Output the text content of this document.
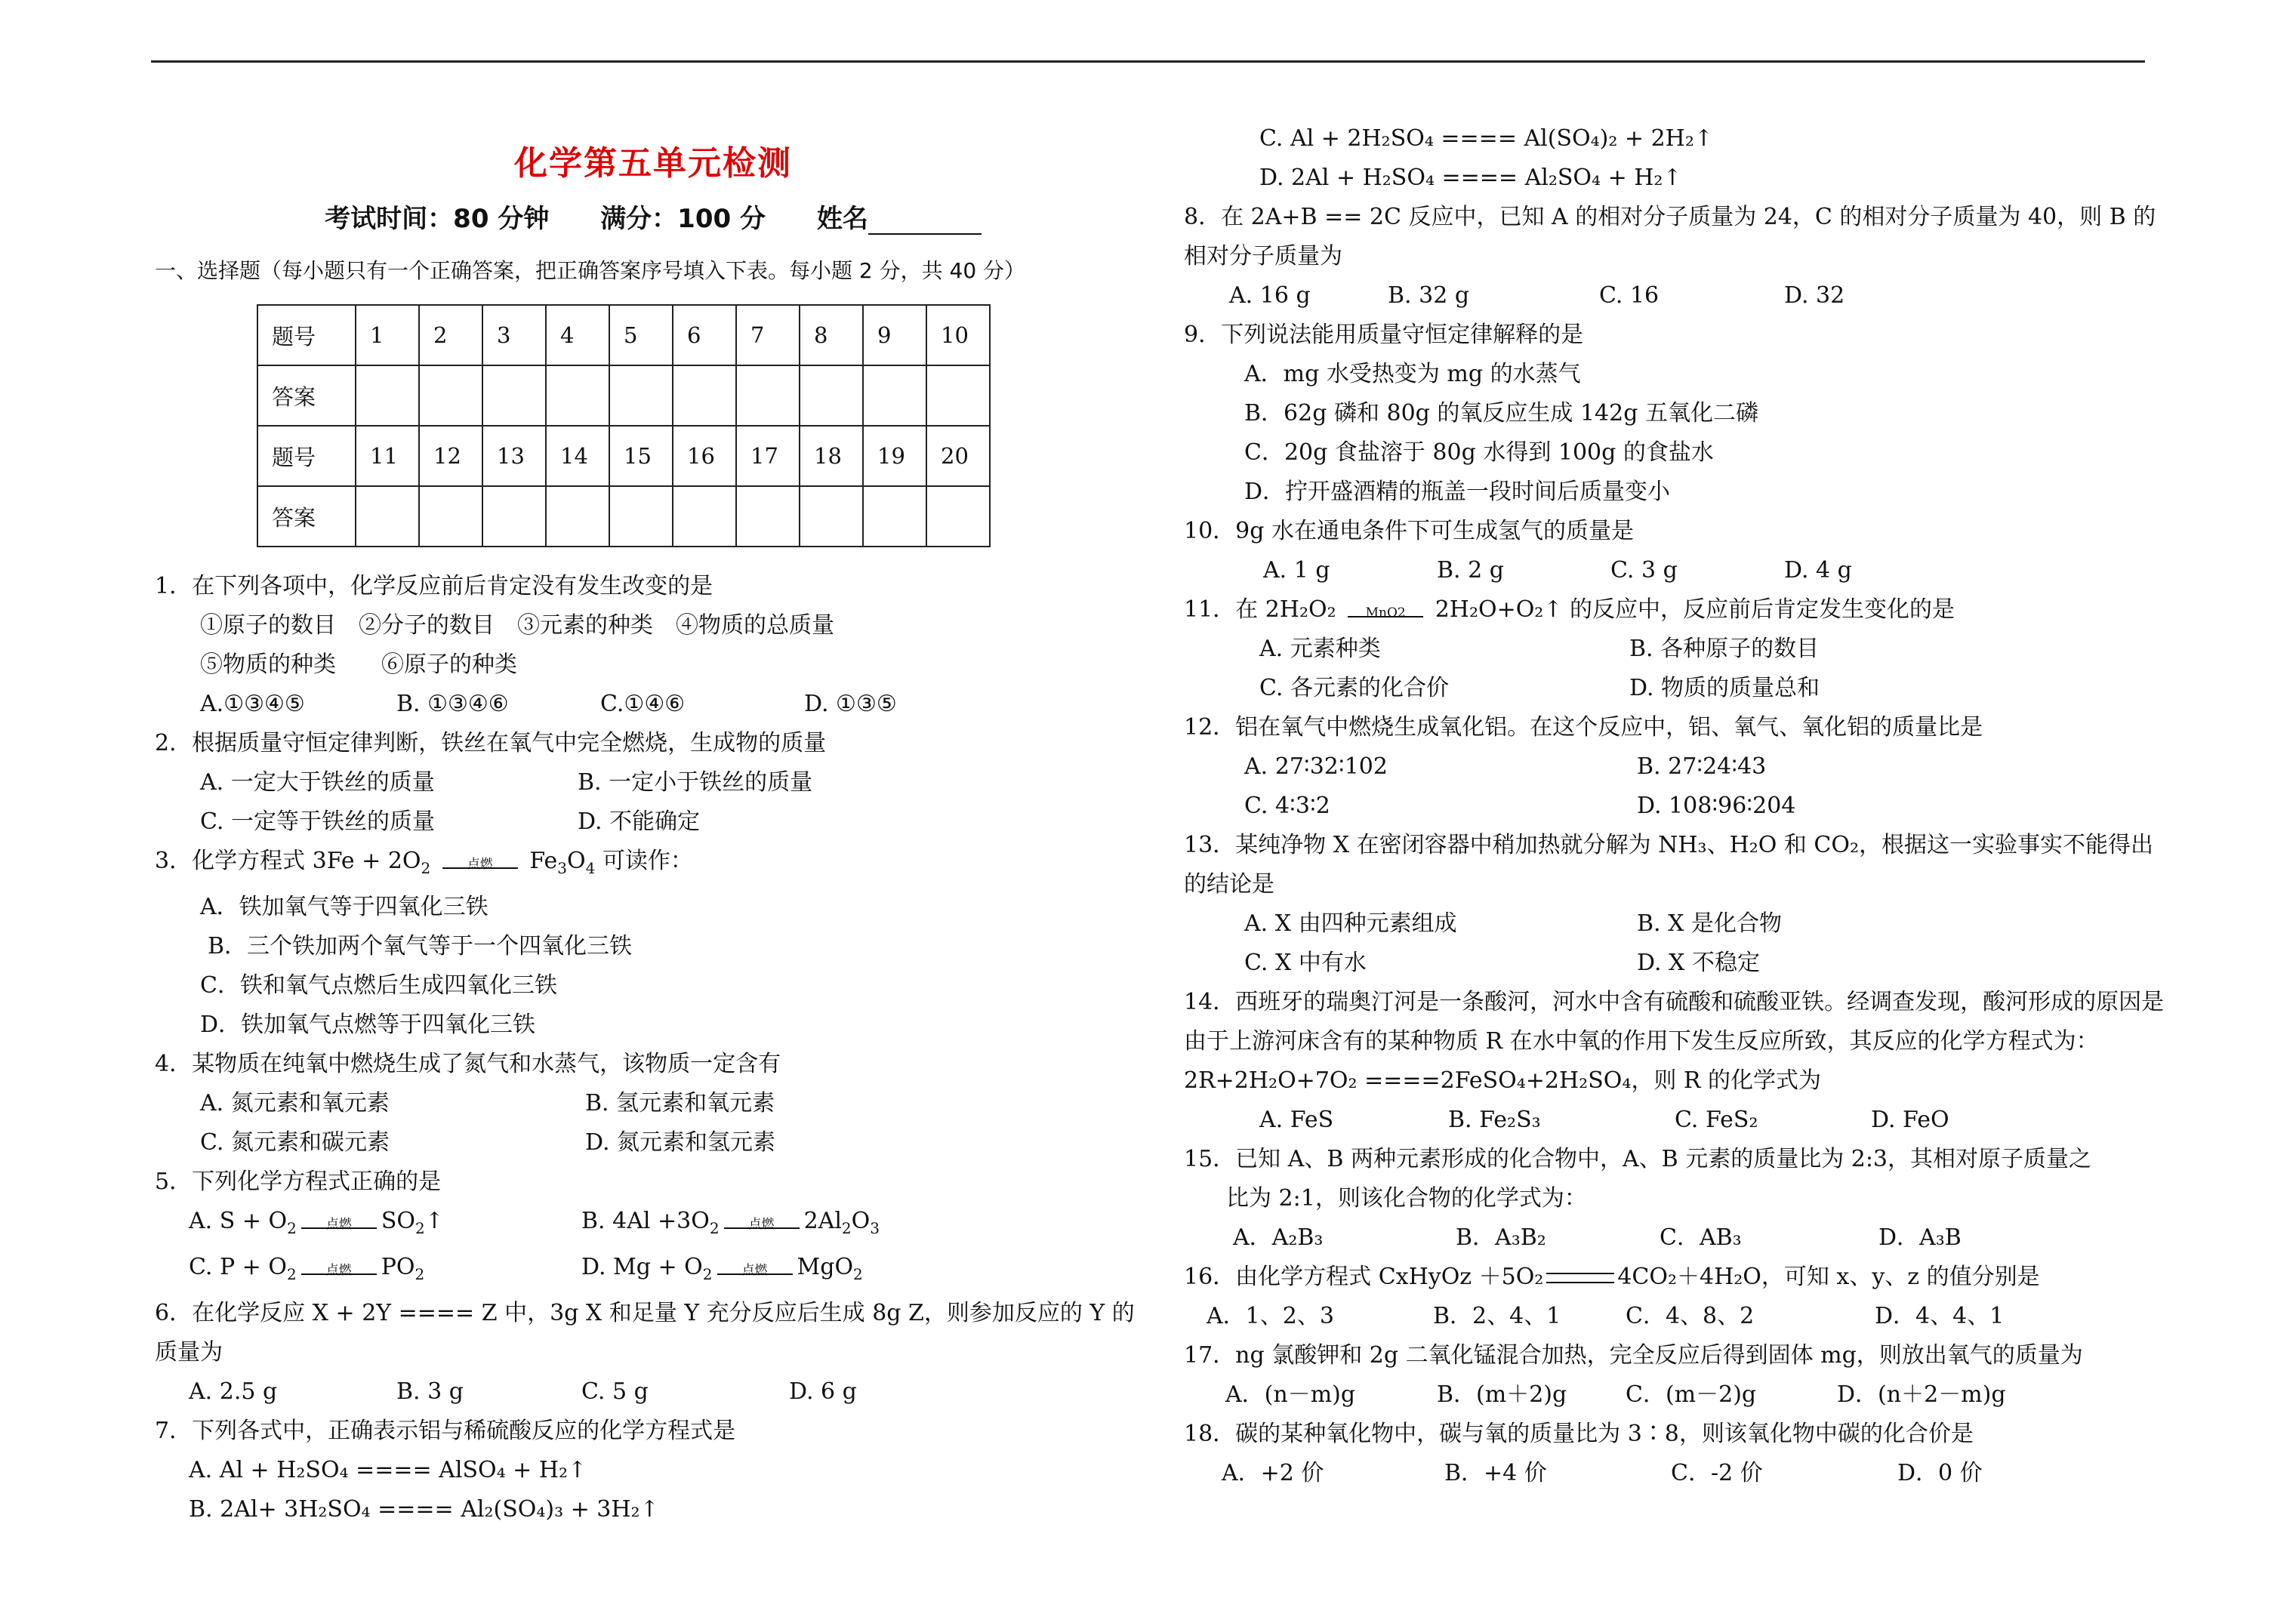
化学第五单元检测
考试时间：80 分钟 满分：100 分 姓名
一、选择题（每小题只有一个正确答案，把正确答案序号填入下表。每小题 2 分，共 40 分）
题号	1	2	3	4	5	6	7	8	9	10
答案										
题号	11	12	13	14	15	16	17	18	19	20
答案										

1．在下列各项中，化学反应前后肯定没有发生改变的是

①原子的数目　②分子的数目　③元素的种类　④物质的总质量

⑤物质的种类　　⑥原子的种类

A.①③④⑤	B. ①③④⑥	C.①④⑥	D. ①③⑤

2．根据质量守恒定律判断，铁丝在氧气中完全燃烧，生成物的质量

A. 一定大于铁丝的质量	B. 一定小于铁丝的质量
C. 一定等于铁丝的质量	D. 不能确定

3．化学方程式 $3Fe + 2O_2$	点燃	$Fe_3O_4$ 可读作：

A．铁加氧气等于四氧化三铁

B．三个铁加两个氧气等于一个四氧化三铁

C．铁和氧气点燃后生成四氧化三铁

D．铁加氧气点燃等于四氧化三铁

4．某物质在纯氧中燃烧生成了氮气和水蒸气，该物质一定含有

A. 氮元素和氧元素	B. 氢元素和氧元素
C. 氮元素和碳元素	D. 氮元素和氢元素

5．下列化学方程式正确的是

A. $S + O_2$	点燃	$SO_2↑$	B. $4Al +3O_2$	点燃	$2Al_2O_3$
C. $P + O_2$	点燃	$PO_2$	D. $Mg + O_2$	点燃	MgO$_2$

6．在化学反应 X + 2Y ==== Z 中，3g X 和足量 Y 充分反应后生成 8g Z，则参加反应的 Y 的质量为

A. 2.5 g	B. 3 g	C. 5 g	D. 6 g

7．下列各式中，正确表示铝与稀硫酸反应的化学方程式是

A. Al + H₂SO₄ ==== AlSO₄ + H₂↑

B. 2Al+ 3H₂SO₄ ==== Al₂(SO₄)₃ + 3H₂↑

C. Al + 2H₂SO₄ ==== Al(SO₄)₂ + 2H₂↑

D. 2Al + H₂SO₄ ==== Al₂SO₄ + H₂↑

8．在 2A+B == 2C 反应中，已知 A 的相对分子质量为 24，C 的相对分子质量为 40，则 B 的相对分子质量为

A. 16 g	B. 32 g	C. 16	D. 32

9．下列说法能用质量守恒定律解释的是

A．mg 水受热变为 mg 的水蒸气

B．62g 磷和 80g 的氧反应生成 142g 五氧化二磷

C．20g 食盐溶于 80g 水得到 100g 的食盐水

D．拧开盛酒精的瓶盖一段时间后质量变小

10．9g 水在通电条件下可生成氢气的质量是

A. 1 g	B. 2 g	C. 3 g	D. 4 g

11．在 2H₂O₂	MnO2	2H₂O+O₂↑ 的反应中，反应前后肯定发生变化的是

A. 元素种类	B. 各种原子的数目
C. 各元素的化合价	D. 物质的质量总和

12．铝在氧气中燃烧生成氧化铝。在这个反应中，铝、氧气、氧化铝的质量比是

A. 27∶32∶102	B. 27∶24∶43
C. 4∶3∶2	D. 108∶96∶204

13．某纯净物 X 在密闭容器中稍加热就分解为 NH₃、H₂O 和 CO₂，根据这一实验事实不能得出的结论是

A. X 由四种元素组成	B. X 是化合物
C. X 中有水	D. X 不稳定

14．西班牙的瑞奥汀河是一条酸河，河水中含有硫酸和硫酸亚铁。经调查发现，酸河形成的原因是由于上游河床含有的某种物质 R 在水中氧的作用下发生反应所致，其反应的化学方程式为：2R+2H₂O+7O₂ ====2FeSO₄+2H₂SO₄，则 R 的化学式为

A. FeS	B. Fe₂S₃	C. FeS₂	D. FeO

15．已知 A、B 两种元素形成的化合物中，A、B 元素的质量比为 2:3，其相对原子质量之

比为 2:1，则该化合物的化学式为：

A．A₂B₃	B．A₃B₂	C．AB₃	D．A₃B

16．由化学方程式 CxHyOz ＋5O₂	4CO₂＋4H₂O，可知 x、y、z 的值分别是

A．1、2、3	B．2、4、1	C．4、8、2	D．4、4、1

17．ng 氯酸钾和 2g 二氧化锰混合加热，完全反应后得到固体 mg，则放出氧气的质量为

A．(n－m)g	B．(m＋2)g	C．(m－2)g	D．(n＋2－m)g

18．碳的某种氧化物中，碳与氧的质量比为 3∶8，则该氧化物中碳的化合价是

A．+2 价	B．+4 价	C．-2 价	D．0 价
